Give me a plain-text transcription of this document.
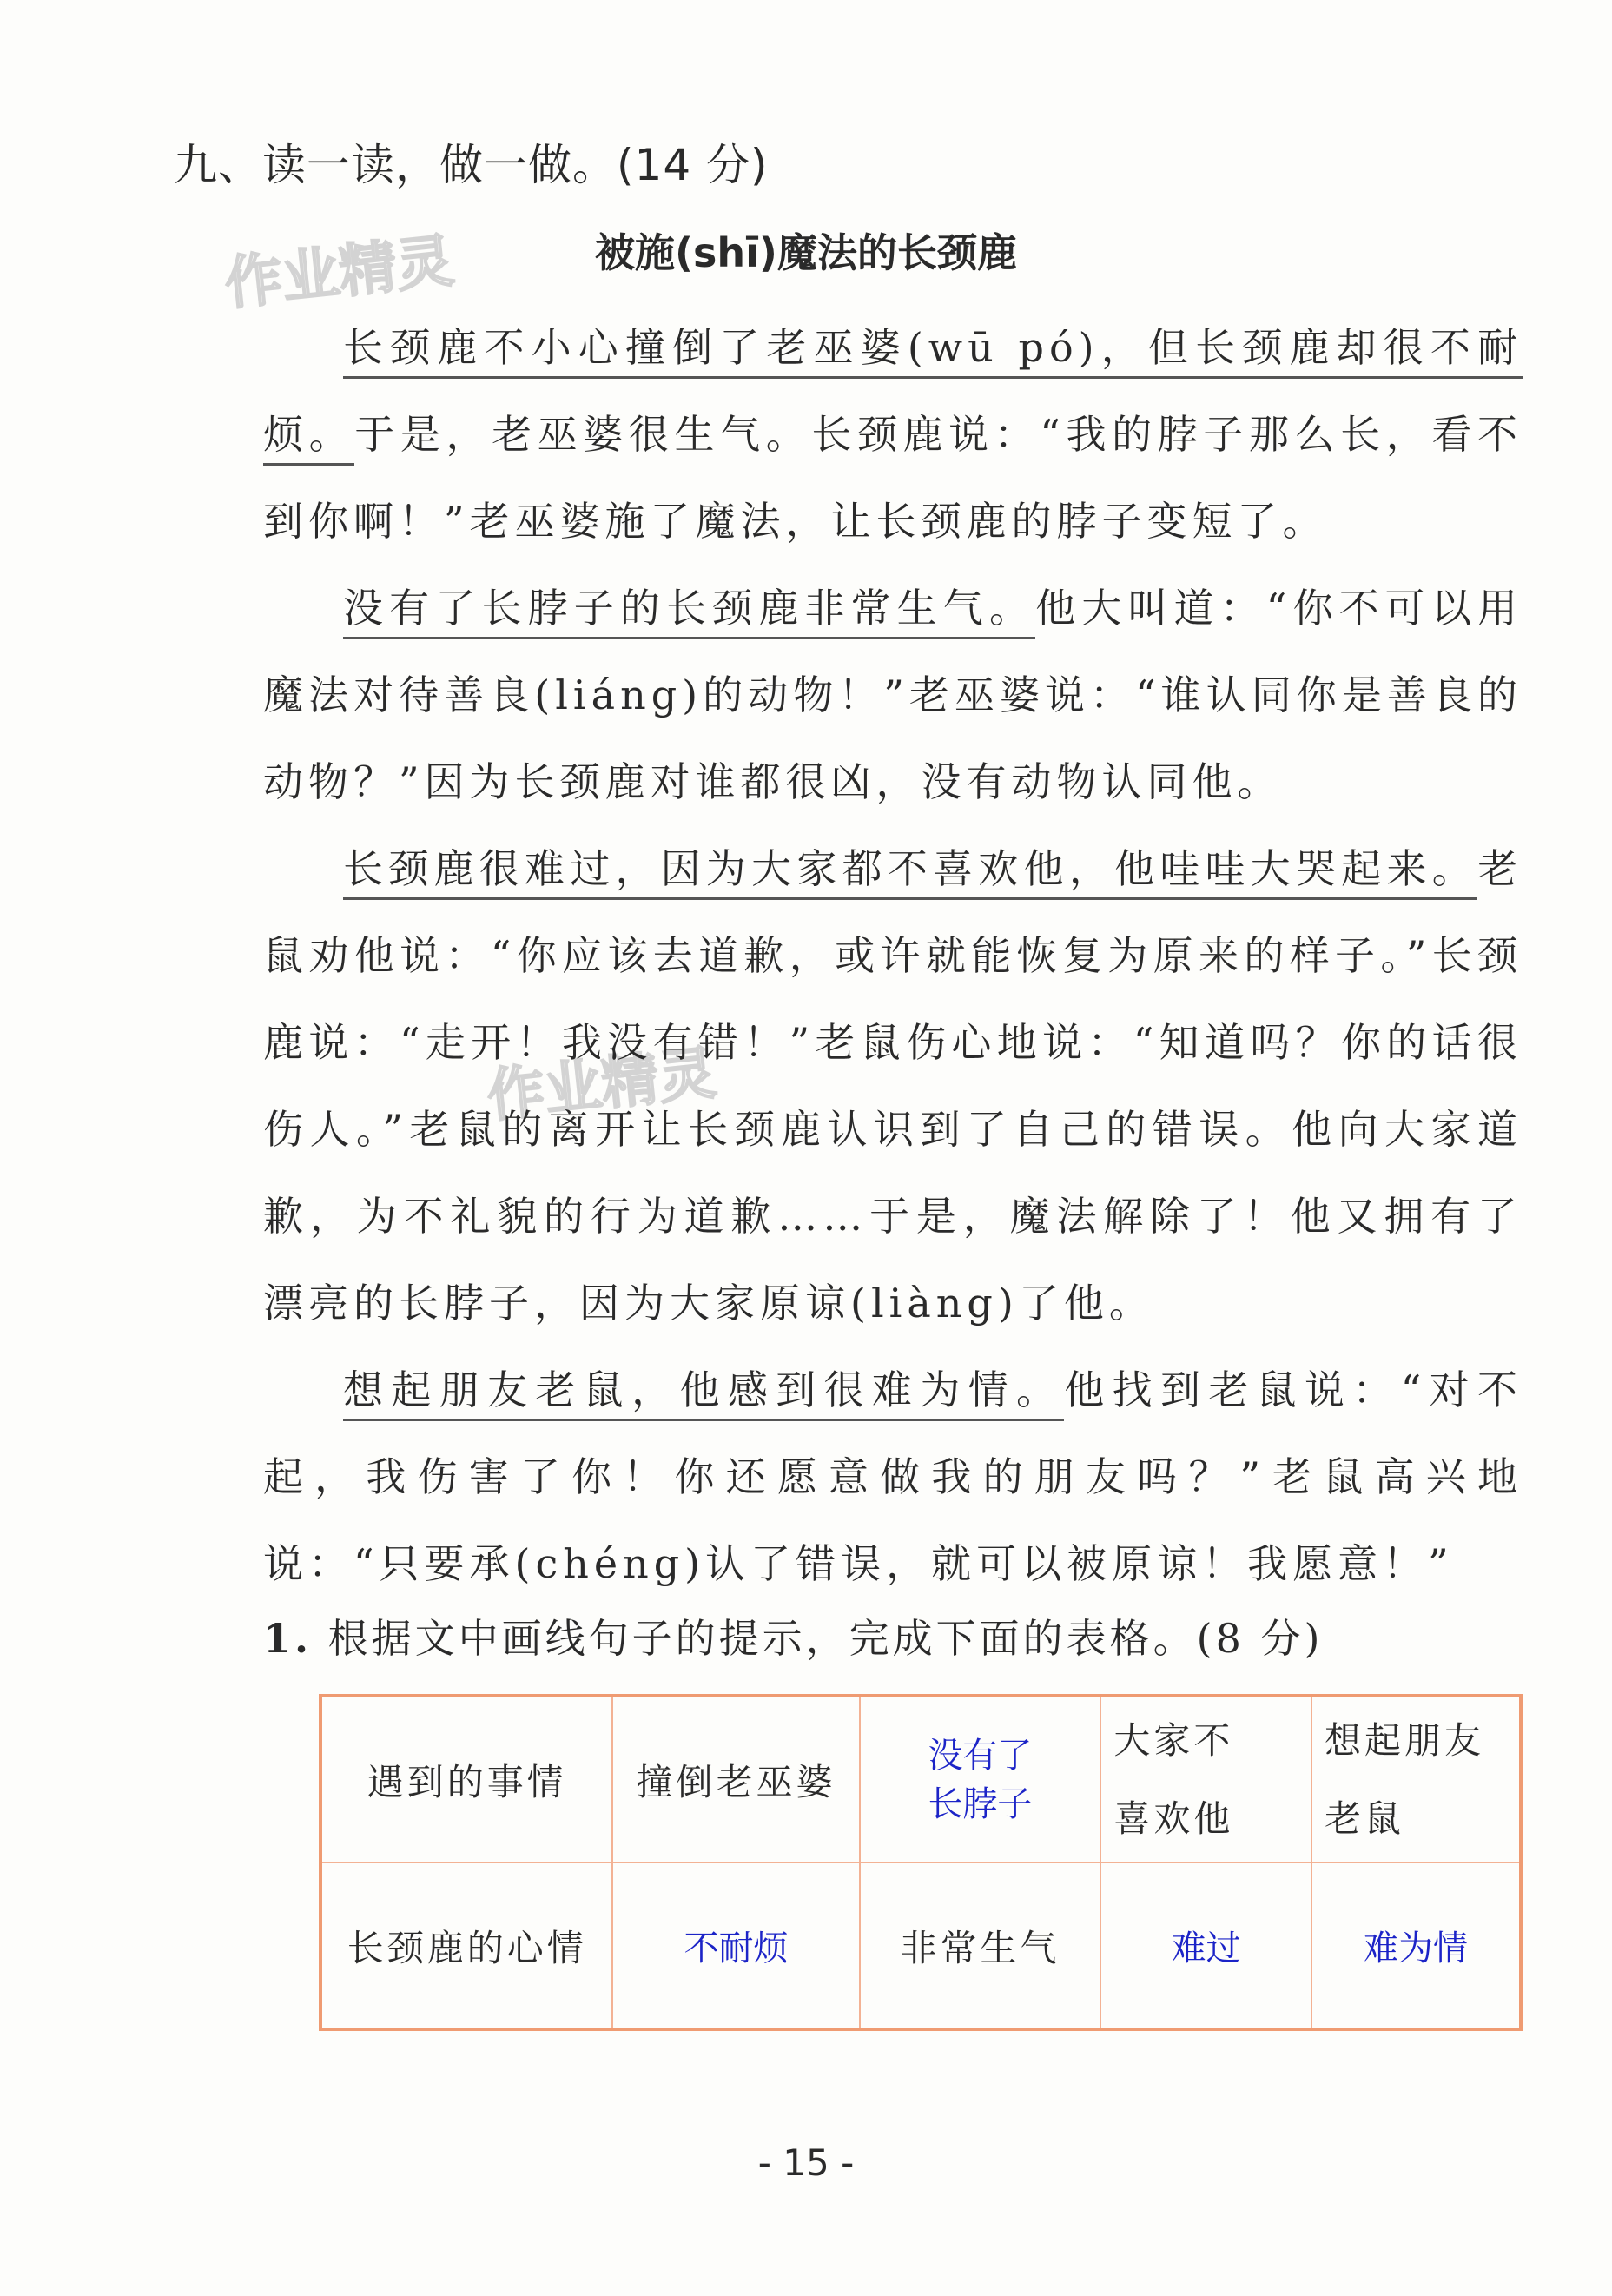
九、读一读，做一做。(14 分)
作业精灵
作业精灵
被施(shī)魔法的长颈鹿

长颈鹿不小心撞倒了老巫婆(wū pó)，但长颈鹿却很不耐烦。于是，老巫婆很生气。长颈鹿说：“我的脖子那么长，看不到你啊！”老巫婆施了魔法，让长颈鹿的脖子变短了。

没有了长脖子的长颈鹿非常生气。他大叫道：“你不可以用魔法对待善良(liáng)的动物！”老巫婆说：“谁认同你是善良的动物？”因为长颈鹿对谁都很凶，没有动物认同他。

长颈鹿很难过，因为大家都不喜欢他，他哇哇大哭起来。老鼠劝他说：“你应该去道歉，或许就能恢复为原来的样子。”长颈鹿说：“走开！我没有错！”老鼠伤心地说：“知道吗？你的话很伤人。”老鼠的离开让长颈鹿认识到了自己的错误。他向大家道歉，为不礼貌的行为道歉……于是，魔法解除了！他又拥有了漂亮的长脖子，因为大家原谅(liàng)了他。

想起朋友老鼠，他感到很难为情。他找到老鼠说：“对不起，我伤害了你！你还愿意做我的朋友吗？”老鼠高兴地说：“只要承(chéng)认了错误，就可以被原谅！我愿意！”

1. 根据文中画线句子的提示，完成下面的表格。(8 分)
遇到的事情	撞倒老巫婆	没有了长脖子	大家不喜欢他	想起朋友老鼠
长颈鹿的心情	不耐烦	非常生气	难过	难为情
- 15 -
